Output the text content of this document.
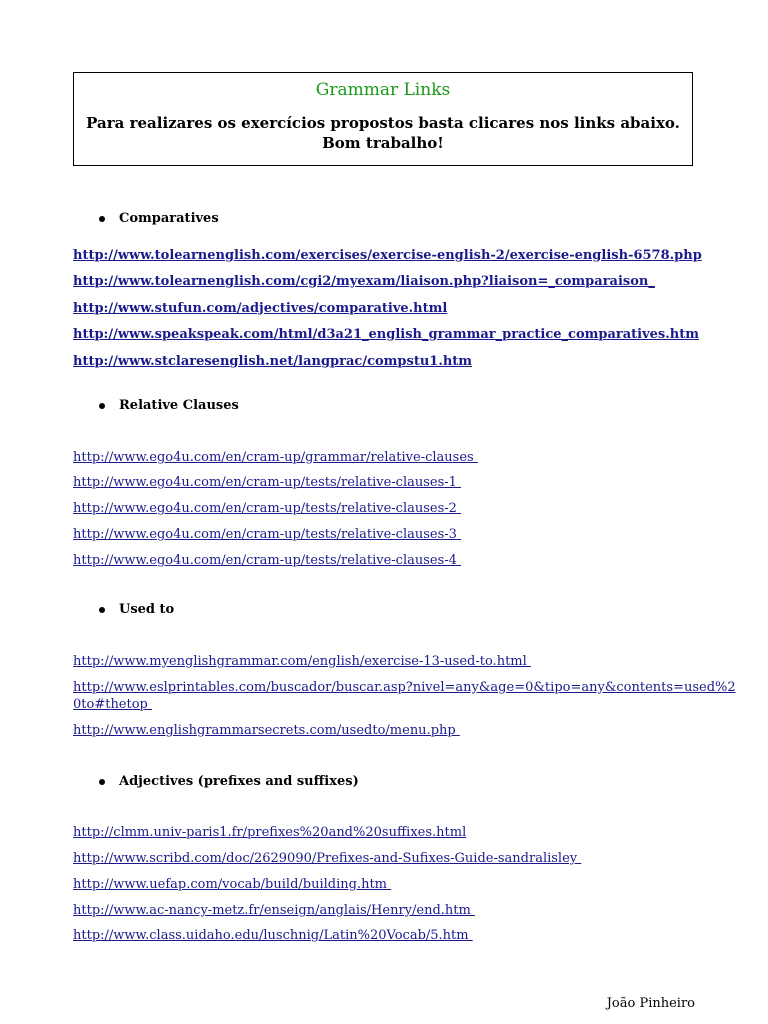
Grammar Links
Para realizares os exercícios propostos basta clicares nos links abaixo.
Bom trabalho!
Comparatives
http://www.tolearnenglish.com/exercises/exercise-english-2/exercise-english-6578.php
http://www.tolearnenglish.com/cgi2/myexam/liaison.php?liaison=_comparaison_
http://www.stufun.com/adjectives/comparative.html
http://www.speakspeak.com/html/d3a21_english_grammar_practice_comparatives.htm
http://www.stclaresenglish.net/langprac/compstu1.htm
Relative Clauses
http://www.ego4u.com/en/cram-up/grammar/relative-clauses
http://www.ego4u.com/en/cram-up/tests/relative-clauses-1
http://www.ego4u.com/en/cram-up/tests/relative-clauses-2
http://www.ego4u.com/en/cram-up/tests/relative-clauses-3
http://www.ego4u.com/en/cram-up/tests/relative-clauses-4
Used to
http://www.myenglishgrammar.com/english/exercise-13-used-to.html
http://www.eslprintables.com/buscador/buscar.asp?nivel=any&age=0&tipo=any&contents=used%2
0to#thetop
http://www.englishgrammarsecrets.com/usedto/menu.php
Adjectives (prefixes and suffixes)
http://clmm.univ-paris1.fr/prefixes%20and%20suffixes.html
http://www.scribd.com/doc/2629090/Prefixes-and-Sufixes-Guide-sandralisley
http://www.uefap.com/vocab/build/building.htm
http://www.ac-nancy-metz.fr/enseign/anglais/Henry/end.htm
http://www.class.uidaho.edu/luschnig/Latin%20Vocab/5.htm
João Pinheiro
